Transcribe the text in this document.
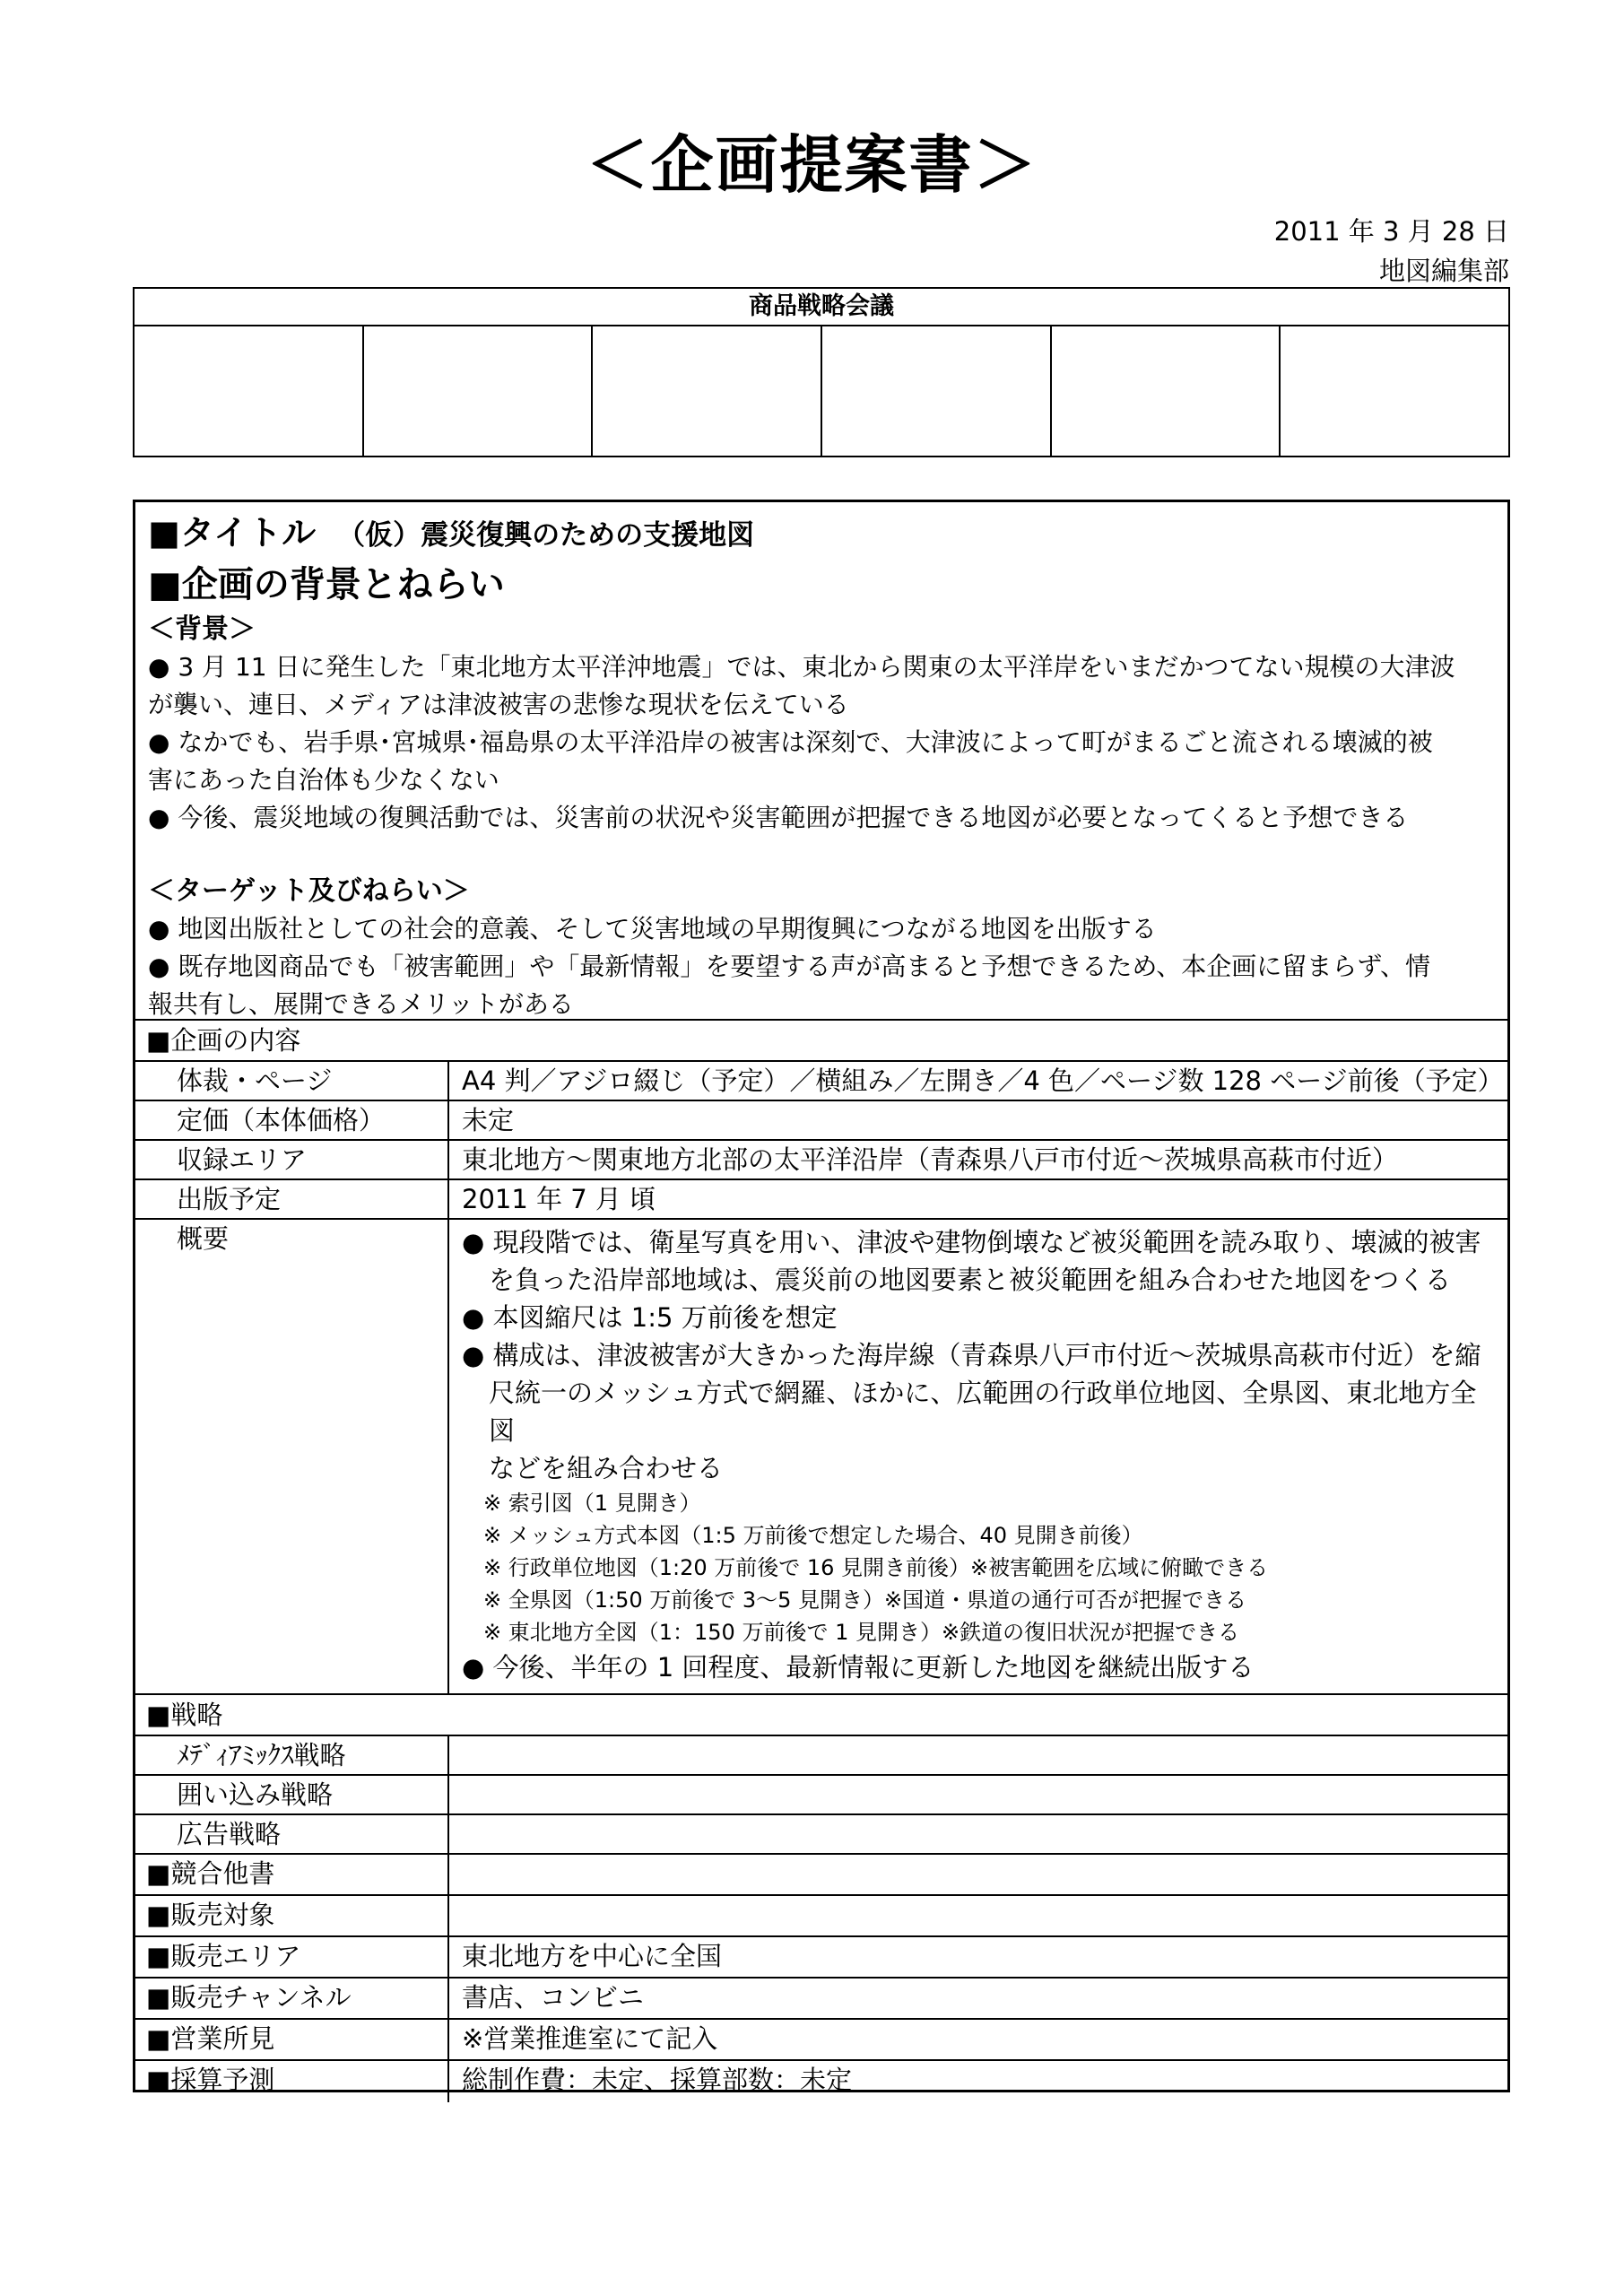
＜企画提案書＞
2011 年 3 月 28 日
地図編集部
商品戦略会議
■タイトル （仮）震災復興のための支援地図
■企画の背景とねらい
＜背景＞
● 3 月 11 日に発生した「東北地方太平洋沖地震」では、東北から関東の太平洋岸をいまだかつてない規模の大津波
が襲い、連日、メディアは津波被害の悲惨な現状を伝えている
● なかでも、岩手県･宮城県･福島県の太平洋沿岸の被害は深刻で、大津波によって町がまるごと流される壊滅的被
害にあった自治体も少なくない
● 今後、震災地域の復興活動では、災害前の状況や災害範囲が把握できる地図が必要となってくると予想できる
＜ターゲット及びねらい＞
● 地図出版社としての社会的意義、そして災害地域の早期復興につながる地図を出版する
● 既存地図商品でも「被害範囲」や「最新情報」を要望する声が高まると予想できるため、本企画に留まらず、情
報共有し、展開できるメリットがある
■企画の内容
体裁・ページ	A4 判／アジロ綴じ（予定）／横組み／左開き／4 色／ページ数 128 ページ前後（予定）
定価（本体価格）	未定
収録エリア	東北地方～関東地方北部の太平洋沿岸（青森県八戸市付近～茨城県高萩市付近）
出版予定	2011 年 7 月 頃
概要	● 現段階では、衛星写真を用い、津波や建物倒壊など被災範囲を読み取り、壊滅的被害
を負った沿岸部地域は、震災前の地図要素と被災範囲を組み合わせた地図をつくる
● 本図縮尺は 1:5 万前後を想定
● 構成は、津波被害が大きかった海岸線（青森県八戸市付近～茨城県高萩市付近）を縮
尺統一のメッシュ方式で網羅、ほかに、広範囲の行政単位地図、全県図、東北地方全図
などを組み合わせる
※ 索引図（1 見開き）
※ メッシュ方式本図（1:5 万前後で想定した場合、40 見開き前後）
※ 行政単位地図（1:20 万前後で 16 見開き前後）※被害範囲を広域に俯瞰できる
※ 全県図（1:50 万前後で 3～5 見開き）※国道・県道の通行可否が把握できる
※ 東北地方全図（1：150 万前後で 1 見開き）※鉄道の復旧状況が把握できる
● 今後、半年の 1 回程度、最新情報に更新した地図を継続出版する
■戦略
ﾒﾃﾞｨｱﾐｯｸｽ戦略
囲い込み戦略
広告戦略
■競合他書
■販売対象
■販売エリア	東北地方を中心に全国
■販売チャンネル	書店、コンビニ
■営業所見	※営業推進室にて記入
■採算予測	総制作費：未定、採算部数：未定
